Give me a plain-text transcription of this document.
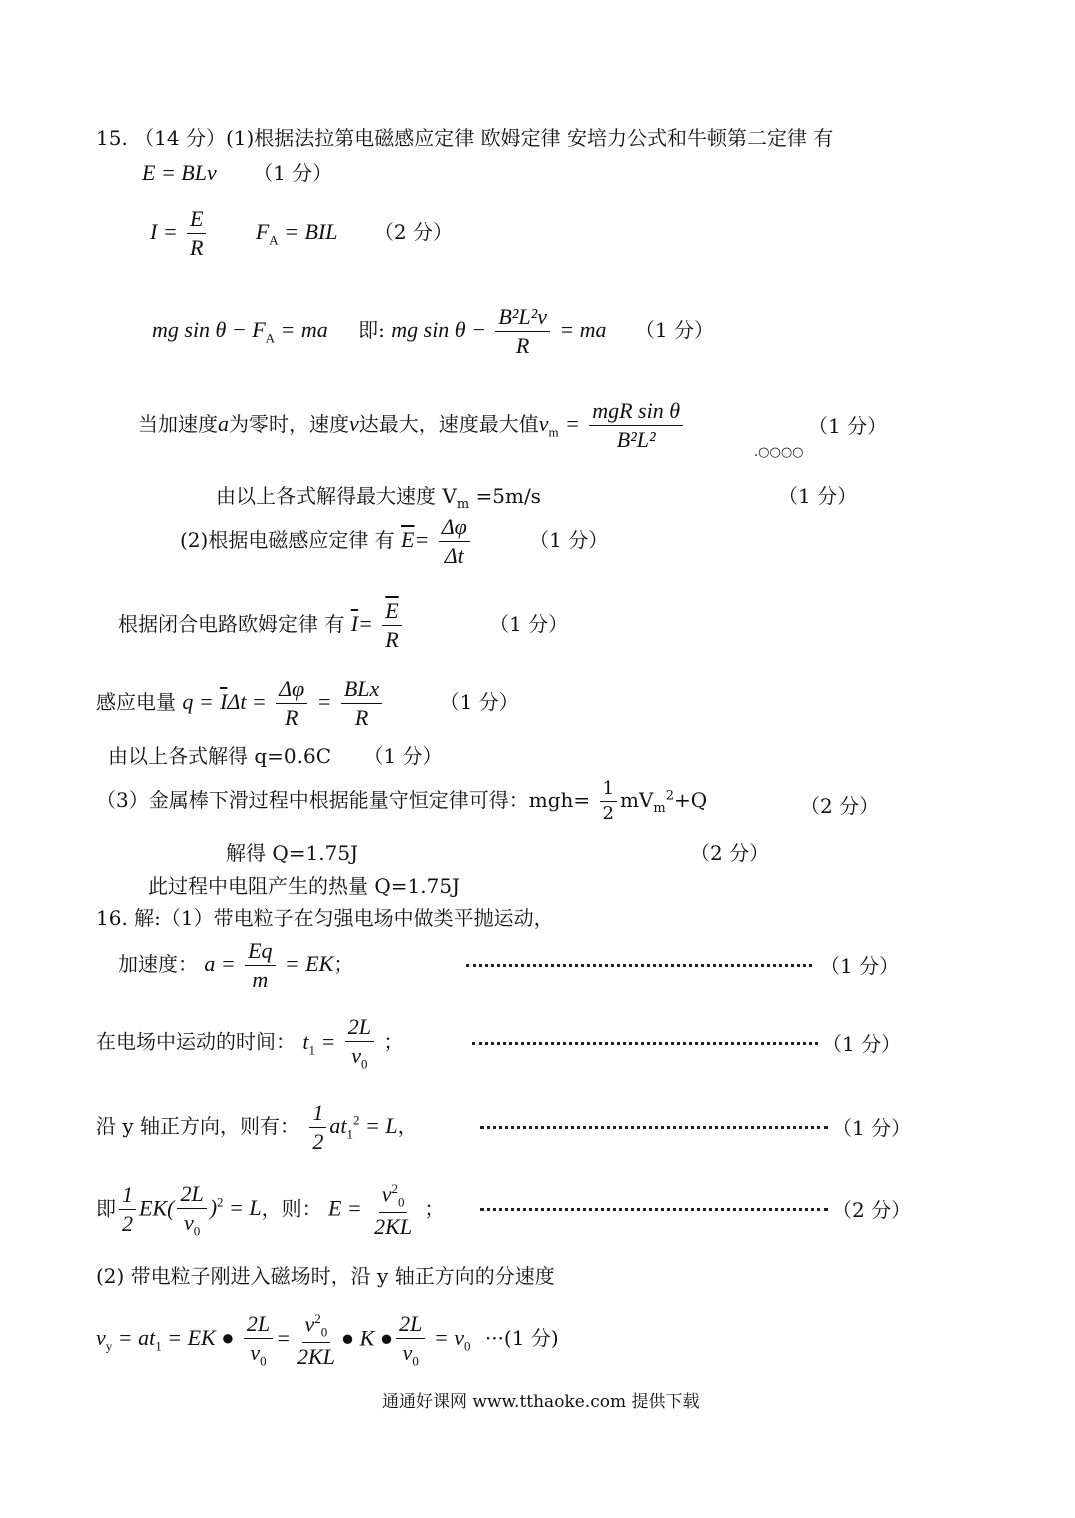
15. （14 分）(1)根据法拉第电磁感应定律 欧姆定律 安培力公式和牛顿第二定律 有
E = BLv （1 分）
$I = \frac{E}{R} F_A$ = BIL （2 分）
mg $\sin \theta - F_A$ = ma 即: mg $\sin \theta - \frac{\text{B²L²v}}{R}$ = ma （1 分）
当加速度a为零时，速度v达最大，速度最大值$v_m = \frac{\text{mgR sin θ}}{\text{B²L²}}$	（1 分）
.○○○○
由以上各式解得最大速度 $V_m =5m/s$	（1 分）
(2)根据电磁感应定律 有 $\overline{E}= \frac{\Delta\varphi}{\Delta t}$	（1 分）
根据闭合电路欧姆定律 有 $\overline{I}= \frac{\overline{E}}{R}$	（1 分）
感应电量 $q = \overline{I}\Delta t = \frac{\Delta\varphi}{R} = \frac{\text{BLx}}{R}$	（1 分）
由以上各式解得 q=0.6C （1 分）
（3）金属棒下滑过程中根据能量守恒定律可得：$mgh= \frac{1}{2} mV_m^2+Q$	（2 分）
解得 Q=1.75J	（2 分）
此过程中电阻产生的热量 Q=1.75J
16. 解:（1）带电粒子在匀强电场中做类平抛运动，
加速度： $a = \frac{Eq}{m}$ = EK；	（1 分）
在电场中运动的时间： $t_1 = \frac{2L}{v_0}$ ；	（1 分）
沿 y 轴正方向，则有： $\frac{1}{2} at_1^2 = L$，	（1 分）
即 $\frac{1}{2} EK( \frac{2L}{v_0} )^2 = L$，则： $E = \frac{v^2_0}{2KL}$ ；	（2 分）
(2) 带电粒子刚进入磁场时，沿 y 轴正方向的分速度
$v_y = at_1$ = EK ● $\frac{2L}{v_0} = \frac{v^2_0}{2KL}$ ● K ● $\frac{2L}{v_0} = v_0 \cdot\cdot\cdot(1$ 分)
通通好课网 www.tthaoke.com 提供下载
